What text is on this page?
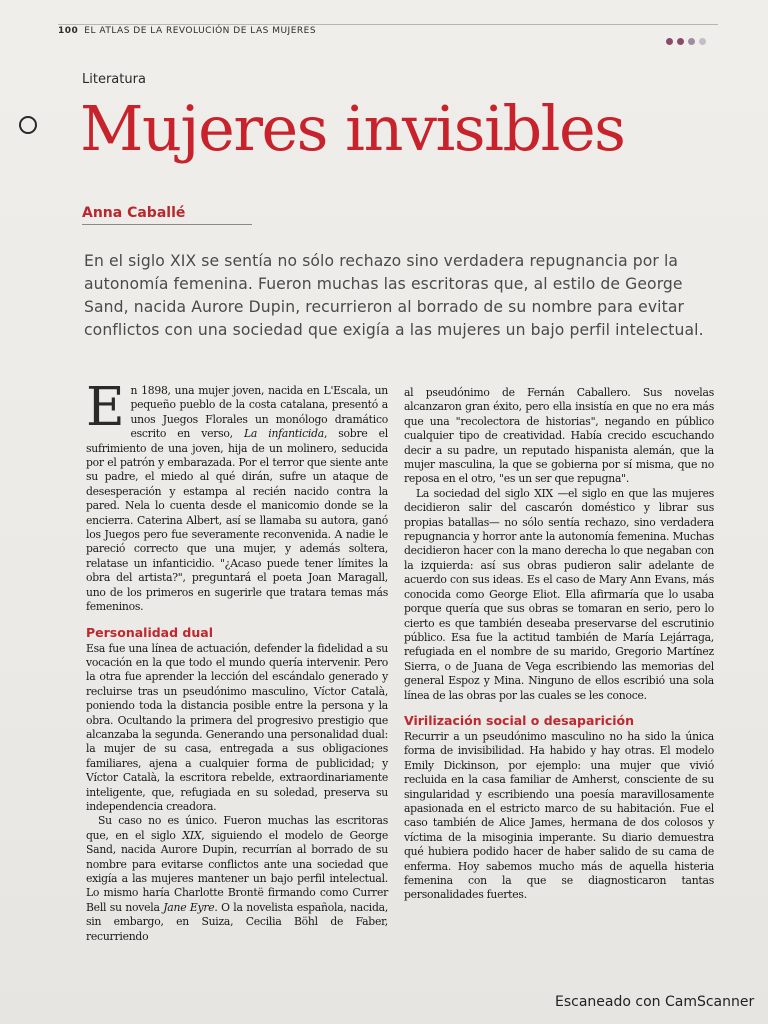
100 EL ATLAS DE LA REVOLUCIÓN DE LAS MUJERES
Literatura
Mujeres invisibles
Anna Caballé

En el siglo XIX se sentía no sólo rechazo sino verdadera repugnancia por la autonomía femenina. Fueron muchas las escritoras que, al estilo de George Sand, nacida Aurore Dupin, recurrieron al borrado de su nombre para evitar conflictos con una sociedad que exigía a las mujeres un bajo perfil intelectual.

En 1898, una mujer joven, nacida en L'Escala, un pequeño pueblo de la costa catalana, presentó a unos Juegos Florales un monólogo dramático escrito en verso, La infanticida, sobre el sufrimiento de una joven, hija de un molinero, seducida por el patrón y embarazada. Por el terror que siente ante su padre, el miedo al qué dirán, sufre un ataque de desesperación y estampa al recién nacido contra la pared. Nela lo cuenta desde el manicomio donde se la encierra. Caterina Albert, así se llamaba su autora, ganó los Juegos pero fue severamente reconvenida. A nadie le pareció correcto que una mujer, y además soltera, relatase un infanticidio. "¿Acaso puede tener límites la obra del artista?", preguntará el poeta Joan Maragall, uno de los primeros en sugerirle que tratara temas más femeninos.

Personalidad dual

Esa fue una línea de actuación, defender la fidelidad a su vocación en la que todo el mundo quería intervenir. Pero la otra fue aprender la lección del escándalo generado y recluirse tras un pseudónimo masculino, Víctor Català, poniendo toda la distancia posible entre la persona y la obra. Ocultando la primera del progresivo prestigio que alcanzaba la segunda. Generando una personalidad dual: la mujer de su casa, entregada a sus obligaciones familiares, ajena a cualquier forma de publicidad; y Víctor Català, la escritora rebelde, extraordinariamente inteligente, que, refugiada en su soledad, preserva su independencia creadora.

Su caso no es único. Fueron muchas las escritoras que, en el siglo XIX, siguiendo el modelo de George Sand, nacida Aurore Dupin, recurrían al borrado de su nombre para evitarse conflictos ante una sociedad que exigía a las mujeres mantener un bajo perfil intelectual. Lo mismo haría Charlotte Brontë firmando como Currer Bell su novela Jane Eyre. O la novelista española, nacida, sin embargo, en Suiza, Cecilia Böhl de Faber, recurriendo

al pseudónimo de Fernán Caballero. Sus novelas alcanzaron gran éxito, pero ella insistía en que no era más que una "recolectora de historias", negando en público cualquier tipo de creatividad. Había crecido escuchando decir a su padre, un reputado hispanista alemán, que la mujer masculina, la que se gobierna por sí misma, que no reposa en el otro, "es un ser que repugna".

La sociedad del siglo XIX —el siglo en que las mujeres decidieron salir del cascarón doméstico y librar sus propias batallas— no sólo sentía rechazo, sino verdadera repugnancia y horror ante la autonomía femenina. Muchas decidieron hacer con la mano derecha lo que negaban con la izquierda: así sus obras pudieron salir adelante de acuerdo con sus ideas. Es el caso de Mary Ann Evans, más conocida como George Eliot. Ella afirmaría que lo usaba porque quería que sus obras se tomaran en serio, pero lo cierto es que también deseaba preservarse del escrutinio público. Esa fue la actitud también de María Lejárraga, refugiada en el nombre de su marido, Gregorio Martínez Sierra, o de Juana de Vega escribiendo las memorias del general Espoz y Mina. Ninguno de ellos escribió una sola línea de las obras por las cuales se les conoce.

Virilización social o desaparición

Recurrir a un pseudónimo masculino no ha sido la única forma de invisibilidad. Ha habido y hay otras. El modelo Emily Dickinson, por ejemplo: una mujer que vivió recluida en la casa familiar de Amherst, consciente de su singularidad y escribiendo una poesía maravillosamente apasionada en el estricto marco de su habitación. Fue el caso también de Alice James, hermana de dos colosos y víctima de la misoginia imperante. Su diario demuestra qué hubiera podido hacer de haber salido de su cama de enferma. Hoy sabemos mucho más de aquella histeria femenina con la que se diagnosticaron tantas personalidades fuertes.

Escaneado con CamScanner
